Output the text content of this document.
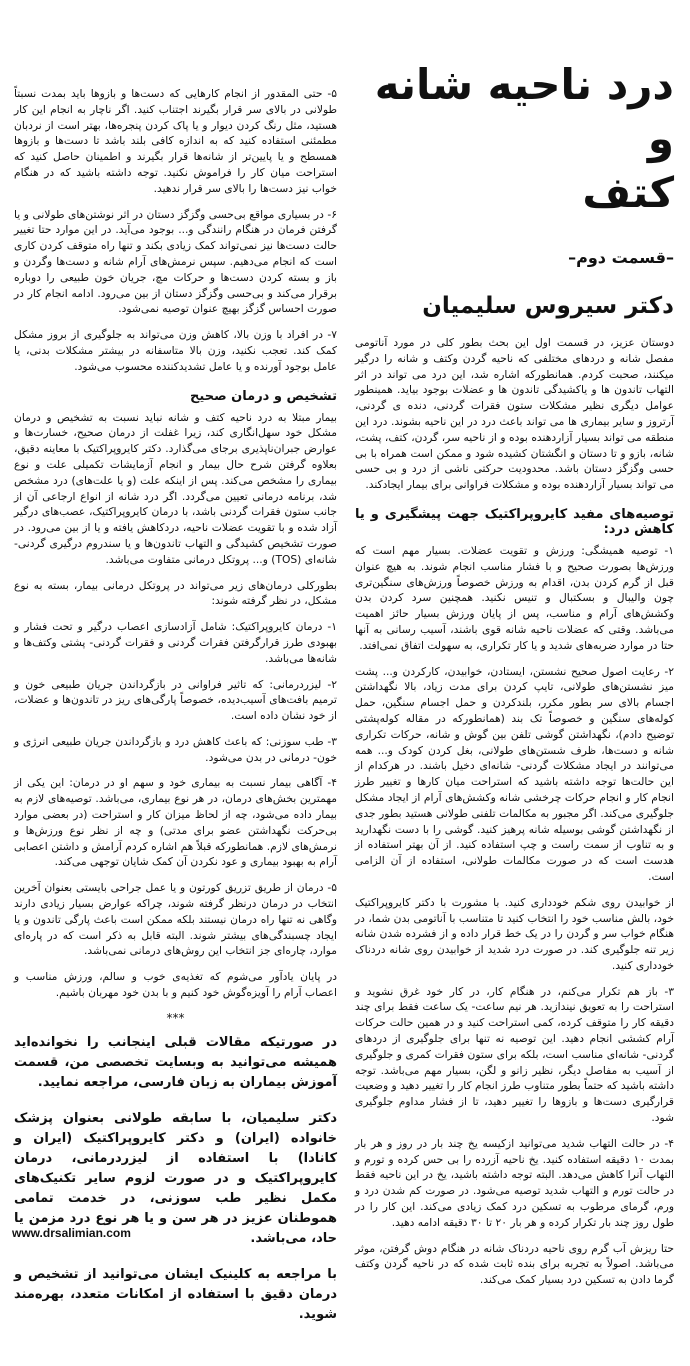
درد ناحیه شانه و
کتف
–قسمت دوم–
دکتر سیروس سلیمیان

دوستان عزیز، در قسمت اول این بحث بطور کلی در مورد آناتومی مفصل شانه و دردهای مختلفی که ناحیه گردن وکتف و شانه را درگیر میکنند، صحبت کردم. همانطورکه اشاره شد، این درد می تواند در اثر التهاب تاندون ها و یاکشیدگی تاندون ها و عضلات بوجود بیاید. همینطور عوامل دیگری نظیر مشکلات ستون فقرات گردنی، دنده ی گردنی، آرتروز و سایر بیماری ها می تواند باعث درد در این ناحیه بشوند. درد این منطقه می تواند بسیار آزاردهنده بوده و از ناحیه سر، گردن، کتف، پشت، شانه، بازو و تا دستان و انگشتان کشیده شود و ممکن است همراه با بی حسی وگزگز دستان باشد. محدودیت حرکتی ناشی از درد و بی حسی می تواند بسیار آزاردهنده بوده و مشکلات فراوانی برای بیمار ایجادکند.

توصیه‌های مفید کایروپراکتیک جهت پیشگیری و یا کاهش درد:

۱- توصیه همیشگی: ورزش و تقویت عضلات. بسیار مهم است که ورزش‌ها بصورت صحیح و با فشار مناسب انجام شوند. به هیچ عنوان قبل از گرم کردن بدن، اقدام به ورزش خصوصاً ورزش‌های سنگین‌تری چون والیبال و بسکتبال و تنیس نکنید. همچنین سرد کردن بدن وکشش‌های آرام و مناسب، پس از پایان ورزش بسیار حائز اهمیت می‌باشد. وقتی که عضلات ناحیه شانه قوی باشند، آسیب رسانی به آنها حتا در موارد ضربه‌های شدید و یا کار تکراری، به سهولت اتفاق نمی‌افتد.

۲- رعایت اصول صحیح نشستن، ایستادن، خوابیدن، کارکردن و... پشت میز نشستن‌های طولانی، تایپ کردن برای مدت زیاد، بالا نگهداشتن اجسام بالای سر بطور مکرر، بلندکردن و حمل اجسام سنگین، حمل کوله‌های سنگین و خصوصاً تک بند (همانطورکه در مقاله کوله‌پشتی توضیح دادم)، نگهداشتن گوشی تلفن بین گوش و شانه، حرکات تکراری شانه و دست‌ها، ظرف شستن‌های طولانی، بغل کردن کودک و... همه می‌توانند در ایجاد مشکلات گردنی- شانه‌ای دخیل باشند. در هرکدام از این حالت‌ها توجه داشته باشید که استراحت میان کارها و تغییر طرز انجام کار و انجام حرکات چرخشی شانه وکشش‌های آرام از ایجاد مشکل جلوگیری می‌کند. اگر مجبور به مکالمات تلفنی طولانی هستید بطور جدی از نگهداشتن گوشی بوسیله شانه پرهیز کنید. گوشی را با دست نگهدارید و به تناوب از سمت راست و چپ استفاده کنید. از آن بهتر استفاده از هدست است که در صورت مکالمات طولانی، استفاده از آن الزامی است.

از خوابیدن روی شکم خودداری کنید. با مشورت با دکتر کایروپراکتیک خود، بالش مناسب خود را انتخاب کنید تا متناسب با آناتومی بدن شما، در هنگام خواب سر و گردن را در یک خط قرار داده و از فشرده شدن شانه زیر تنه جلوگیری کند. در صورت درد شدید از خوابیدن روی شانه دردناک خودداری کنید.

۳- باز هم تکرار می‌کنم، در هنگام کار، در کار خود غرق نشوید و استراحت را به تعویق نیندازید. هر نیم ساعت- یک ساعت فقط برای چند دقیقه کار را متوقف کرده، کمی استراحت کنید و در همین حالت حرکات آرام کششی انجام دهید. این توصیه نه تنها برای جلوگیری از دردهای گردنی- شانه‌ای مناسب است، بلکه برای ستون فقرات کمری و جلوگیری از آسیب به مفاصل دیگر، نظیر زانو و لگن، بسیار مهم می‌باشد. توجه داشته باشید که حتماً بطور متناوب طرز انجام کار را تغییر دهید و وضعیت قرارگیری دست‌ها و بازوها را تغییر دهید، تا از فشار مداوم جلوگیری شود.

۴- در حالت التهاب شدید می‌توانید ازکیسه یخ چند بار در روز و هر بار بمدت ۱۰ دقیقه استفاده کنید. یخ ناحیه آزرده را بی حس کرده و تورم و التهاب آنرا کاهش می‌دهد. البته توجه داشته باشید، یخ در این ناحیه فقط در حالت تورم و التهاب شدید توصیه می‌شود. در صورت کم شدن درد و ورم، گرمای مرطوب به تسکین درد کمک زیادی می‌کند. این کار را در طول روز چند بار تکرار کرده و هر بار ۲۰ تا ۳۰ دقیقه ادامه دهید.

حتا ریزش آب گرم روی ناحیه دردناک شانه در هنگام دوش گرفتن، موثر می‌باشد. اصولاً به تجربه برای بنده ثابت شده که در ناحیه گردن وکتف گرما دادن به تسکین درد بسیار کمک می‌کند.

۵- حتی المقدور از انجام کارهایی که دست‌ها و بازوها باید بمدت نسبتاً طولانی در بالای سر قرار بگیرند اجتناب کنید. اگر ناچار به انجام این کار هستید، مثل رنگ کردن دیوار و یا پاک کردن پنجره‌ها، بهتر است از نردبان مطمئنی استفاده کنید که به اندازه کافی بلند باشد تا دست‌ها و بازوها همسطح و یا پایین‌تر از شانه‌ها قرار بگیرند و اطمینان حاصل کنید که استراحت میان کار را فراموش نکنید. توجه داشته باشید که در هنگام خواب نیز دست‌ها را بالای سر قرار ندهید.

۶- در بسیاری مواقع بی‌حسی وگزگز دستان در اثر نوشتن‌های طولانی و یا گرفتن فرمان در هنگام رانندگی و... بوجود می‌آید. در این موارد حتا تغییر حالت دست‌ها نیز نمی‌تواند کمک زیادی بکند و تنها راه متوقف کردن کاری است که انجام می‌دهیم. سپس نرمش‌های آرام شانه و دست‌ها وگردن و باز و بسته کردن دست‌ها و حرکات مچ، جریان خون طبیعی را دوباره برقرار می‌کند و بی‌حسی وگزگز دستان از بین می‌رود. ادامه انجام کار در صورت احساس گزگز بهیچ عنوان توصیه نمی‌شود.

۷- در افراد با وزن بالا، کاهش وزن می‌تواند به جلوگیری از بروز مشکل کمک کند. تعجب نکنید، وزن بالا متاسفانه در بیشتر مشکلات بدنی، یا عامل بوجود آورنده و یا عامل تشدیدکننده محسوب می‌شود.

تشخیص و درمان صحیح

بیمار مبتلا به درد ناحیه کتف و شانه نباید نسبت به تشخیص و درمان مشکل خود سهل‌انگاری کند، زیرا غفلت از درمان صحیح، خسارت‌ها و عوارض جبران‌ناپذیری برجای می‌گذارد. دکتر کایروپراکتیک با معاینه دقیق، بعلاوه گرفتن شرح حال بیمار و انجام آزمایشات تکمیلی علت و نوع بیماری را مشخص می‌کند. پس از اینکه علت (و یا علت‌های) درد مشخص شد، برنامه درمانی تعیین می‌گردد. اگر درد شانه از انواع ارجاعی آن از جانب ستون فقرات گردنی باشد، با درمان کایروپراکتیک، عصب‌های درگیر آزاد شده و با تقویت عضلات ناحیه، دردکاهش یافته و یا از بین می‌رود. در صورت تشخیص کشیدگی و التهاب تاندون‌ها و یا سندروم درگیری گردنی- شانه‌ای (TOS) و... پروتکل درمانی متفاوت می‌باشد.

بطورکلی درمان‌های زیر می‌تواند در پروتکل درمانی بیمار، بسته به نوع مشکل، در نظر گرفته شوند:

۱- درمان کایروپراکتیک: شامل آزادسازی اعصاب درگیر و تحت فشار و بهبودی طرز قرارگرفتن فقرات گردنی و فقرات گردنی- پشتی وکتف‌ها و شانه‌ها می‌باشد.

۲- لیزردرمانی: که تاثیر فراوانی در بازگرداندن جریان طبیعی خون و ترمیم بافت‌های آسیب‌دیده، خصوصاً پارگی‌های ریز در تاندون‌ها و عضلات، از خود نشان داده است.

۳- طب سوزنی: که باعث کاهش درد و بازگرداندن جریان طبیعی انرژی و خون- درمانی در بدن می‌شود.

۴- آگاهی بیمار نسبت به بیماری خود و سهم او در درمان: این یکی از مهمترین بخش‌های درمان، در هر نوع بیماری، می‌باشد. توصیه‌های لازم به بیمار داده می‌شود، چه از لحاظ میزان کار و استراحت (در بعضی موارد بی‌حرکت نگهداشتن عضو برای مدتی) و چه از نظر نوع ورزش‌ها و نرمش‌های لازم. همانطورکه قبلاً هم اشاره کردم آرامش و داشتن اعصابی آرام به بهبود بیماری و عود نکردن آن کمک شایان توجهی می‌کند.

۵- درمان از طریق تزریق کورتون و یا عمل جراحی بایستی بعنوان آخرین انتخاب در درمان درنظر گرفته شوند، چراکه عوارض بسیار زیادی دارند وگاهی نه تنها راه درمان نیستند بلکه ممکن است باعث پارگی تاندون و یا ایجاد چسبندگی‌های بیشتر شوند. البته قابل به ذکر است که در پاره‌ای موارد، چاره‌ای جز انتخاب این روش‌های درمانی نمی‌باشد.

در پایان یادآور می‌شوم که تغذیه‌ی خوب و سالم، ورزش مناسب و اعصاب آرام را آویزه‌گوش خود کنیم و با بدن خود مهربان باشیم.

***

در صورتیکه مقالات قبلی اینجانب را نخوانده‌اید همیشه می‌توانید به وبسایت تخصصی من، قسمت آموزش بیماران به زبان فارسی، مراجعه نمایید.

دکتر سلیمیان، با سابقه طولانی بعنوان پزشک خانواده (ایران) و دکتر کایروپراکتیک (ایران و کانادا) با استفاده از لیزردرمانی، درمان کایروپراکتیک و در صورت لزوم سایر تکنیک‌های مکمل نظیر طب سوزنی، در خدمت تمامی هموطنان عزیز در هر سن و یا هر نوع درد مزمن یا حاد، می‌باشد.

با مراجعه به کلینیک ایشان می‌توانید از تشخیص و درمان دقیق با استفاده از امکانات متعدد، بهره‌مند شوید.

www.drsalimian.com
